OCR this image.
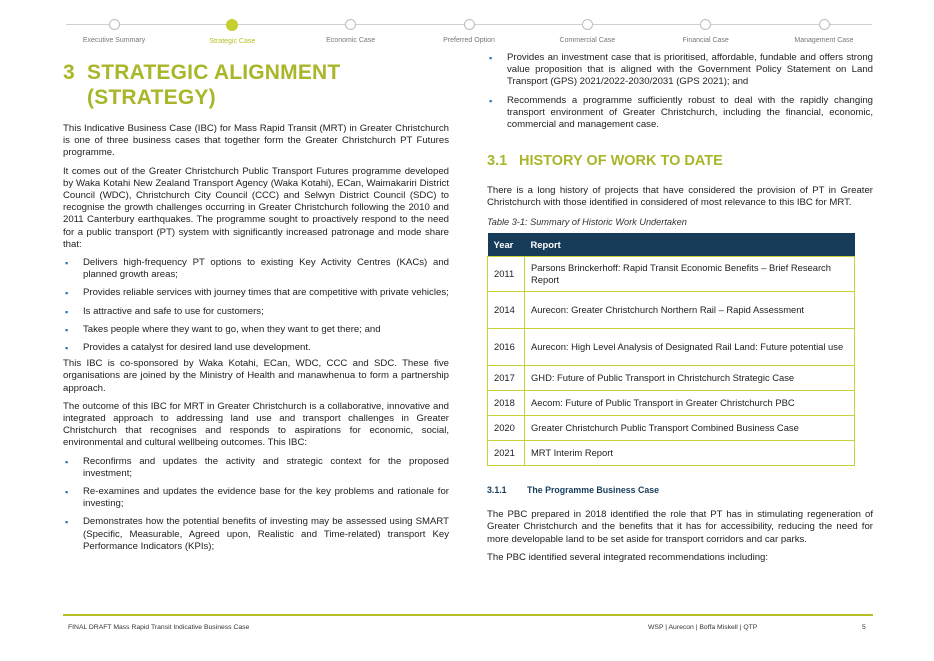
Executive Summary	Strategic Case	Economic Case	Preferred Option	Commercial Case	Financial Case	Management Case
3 STRATEGIC ALIGNMENT (STRATEGY)

This Indicative Business Case (IBC) for Mass Rapid Transit (MRT) in Greater Christchurch is one of three business cases that together form the Greater Christchurch PT Futures programme.

It comes out of the Greater Christchurch Public Transport Futures programme developed by Waka Kotahi New Zealand Transport Agency (Waka Kotahi), ECan, Waimakariri District Council (WDC), Christchurch City Council (CCC) and Selwyn District Council (SDC) to recognise the growth challenges occurring in Greater Christchurch following the 2010 and 2011 Canterbury earthquakes. The programme sought to proactively respond to the need for a public transport (PT) system with significantly increased patronage and mode share that:

▪ Delivers high-frequency PT options to existing Key Activity Centres (KACs) and planned growth areas;
▪ Provides reliable services with journey times that are competitive with private vehicles;
▪ Is attractive and safe to use for customers;
▪ Takes people where they want to go, when they want to get there; and
▪ Provides a catalyst for desired land use development.

This IBC is co-sponsored by Waka Kotahi, ECan, WDC, CCC and SDC. These five organisations are joined by the Ministry of Health and manawhenua to form a partnership approach.

The outcome of this IBC for MRT in Greater Christchurch is a collaborative, innovative and integrated approach to addressing land use and transport challenges in Greater Christchurch that recognises and responds to aspirations for economic, social, environmental and cultural wellbeing outcomes. This IBC:

▪ Reconfirms and updates the activity and strategic context for the proposed investment;
▪ Re-examines and updates the evidence base for the key problems and rationale for investing;
▪ Demonstrates how the potential benefits of investing may be assessed using SMART (Specific, Measurable, Agreed upon, Realistic and Time-related) transport Key Performance Indicators (KPIs);
▪ Provides an investment case that is prioritised, affordable, fundable and offers strong value proposition that is aligned with the Government Policy Statement on Land Transport (GPS) 2021/2022-2030/2031 (GPS 2021); and
▪ Recommends a programme sufficiently robust to deal with the rapidly changing transport environment of Greater Christchurch, including the financial, economic, commercial and management case.
3.1 HISTORY OF WORK TO DATE

There is a long history of projects that have considered the provision of PT in Greater Christchurch with those identified in considered of most relevance to this IBC for MRT.

Table 3-1: Summary of Historic Work Undertaken
Year	Report
2011	Parsons Brinckerhoff: Rapid Transit Economic Benefits – Brief Research Report
2014	Aurecon: Greater Christchurch Northern Rail – Rapid Assessment
2016	Aurecon: High Level Analysis of Designated Rail Land: Future potential use
2017	GHD: Future of Public Transport in Christchurch Strategic Case
2018	Aecom: Future of Public Transport in Greater Christchurch PBC
2020	Greater Christchurch Public Transport Combined Business Case
2021	MRT Interim Report
3.1.1	The Programme Business Case

The PBC prepared in 2018 identified the role that PT has in stimulating regeneration of Greater Christchurch and the benefits that it has for accessibility, reducing the need for more developable land to be set aside for transport corridors and car parks.

The PBC identified several integrated recommendations including:

FINAL DRAFT Mass Rapid Transit Indicative Business Case	WSP | Aurecon | Boffa Miskell | QTP	5
